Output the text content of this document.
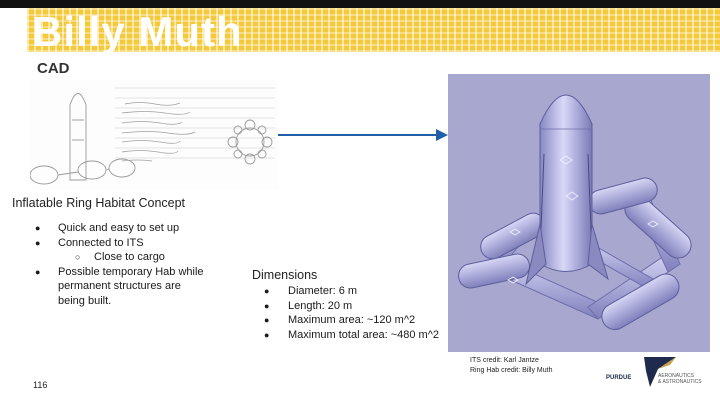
Billy Muth
CAD
Inflatable Ring Habitat Concept
● Quick and easy to set up
● Connected to ITS
○ Close to cargo
● Possible temporary Hab while permanent structures are being built.
Dimensions
● Diameter: 6 m
● Length: 20 m
● Maximum area: ~120 m^2
● Maximum total area: ~480 m^2
ITS credit: Karl Jantze
Ring Hab credit: Billy Muth
116
PURDUE	AERONAUTICS
& ASTRONAUTICS
